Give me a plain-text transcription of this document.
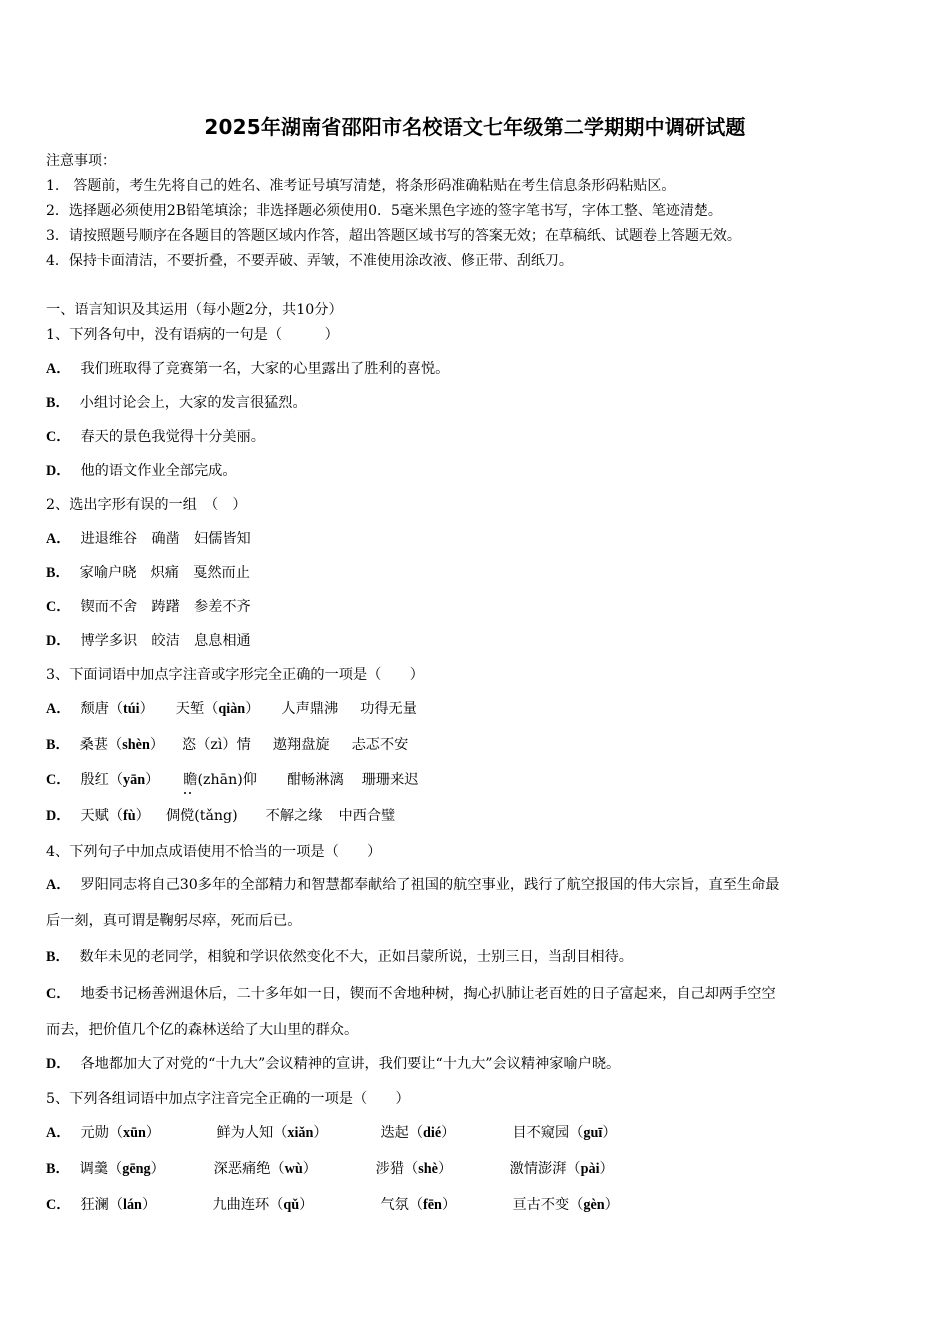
2025年湖南省邵阳市名校语文七年级第二学期期中调研试题
注意事项：
1.　答题前，考生先将自己的姓名、准考证号填写清楚，将条形码准确粘贴在考生信息条形码粘贴区。
2．选择题必须使用2B铅笔填涂；非选择题必须使用0．5毫米黑色字迹的签字笔书写，字体工整、笔迹清楚。
3．请按照题号顺序在各题目的答题区域内作答，超出答题区域书写的答案无效；在草稿纸、试题卷上答题无效。
4．保持卡面清洁，不要折叠，不要弄破、弄皱，不准使用涂改液、修正带、刮纸刀。
一、语言知识及其运用（每小题2分，共10分）
1、下列各句中，没有语病的一句是（　　　）
A． 我们班取得了竞赛第一名，大家的心里露出了胜利的喜悦。
B． 小组讨论会上，大家的发言很猛烈。
C． 春天的景色我觉得十分美丽。
D． 他的语文作业全部完成。
2、选出字形有误的一组　（　）
A． 进退维谷　确凿　妇儒皆知
B． 家喻户晓　炽痛　戛然而止
C． 锲而不舍　踌躇　参差不齐
D． 博学多识　皎洁　息息相通
3、下面词语中加点字注音或字形完全正确的一项是（　　）
A． 颓唐（túi） 天堑（qiàn） 人声鼎沸 功得无量
B． 桑葚（shèn） 恣（zì）情 遨翔盘旋 忐忑不安
C． 殷红（yān） 瞻(zhān)仰 酣畅淋漓 珊珊来迟
D． 天赋（fù） 倜傥(tǎng) 不解之缘 中西合璧
4、下列句子中加点成语使用不恰当的一项是（　　）
A． 罗阳同志将自己30多年的全部精力和智慧都奉献给了祖国的航空事业，践行了航空报国的伟大宗旨，直至生命最
后一刻，真可谓是鞠躬尽瘁，死而后已。
B． 数年未见的老同学，相貌和学识依然变化不大，正如吕蒙所说，士别三日，当刮目相待。
C． 地委书记杨善洲退休后，二十多年如一日，锲而不舍地种树，掏心扒肺让老百姓的日子富起来，自己却两手空空
而去，把价值几个亿的森林送给了大山里的群众。
D． 各地都加大了对党的“十九大”会议精神的宣讲，我们要让“十九大”会议精神家喻户晓。
5、下列各组词语中加点字注音完全正确的一项是（　　）
A． 元勋（xūn）	鲜为人知（xiǎn）	迭起（dié）	目不窥园（guī）
B． 调羹（gēng）	深恶痛绝（wù）	涉猎（shè）	激情澎湃（pài）
C． 狂澜（lán）	九曲连环（qǔ）	气氛（fēn）	亘古不变（gèn）
